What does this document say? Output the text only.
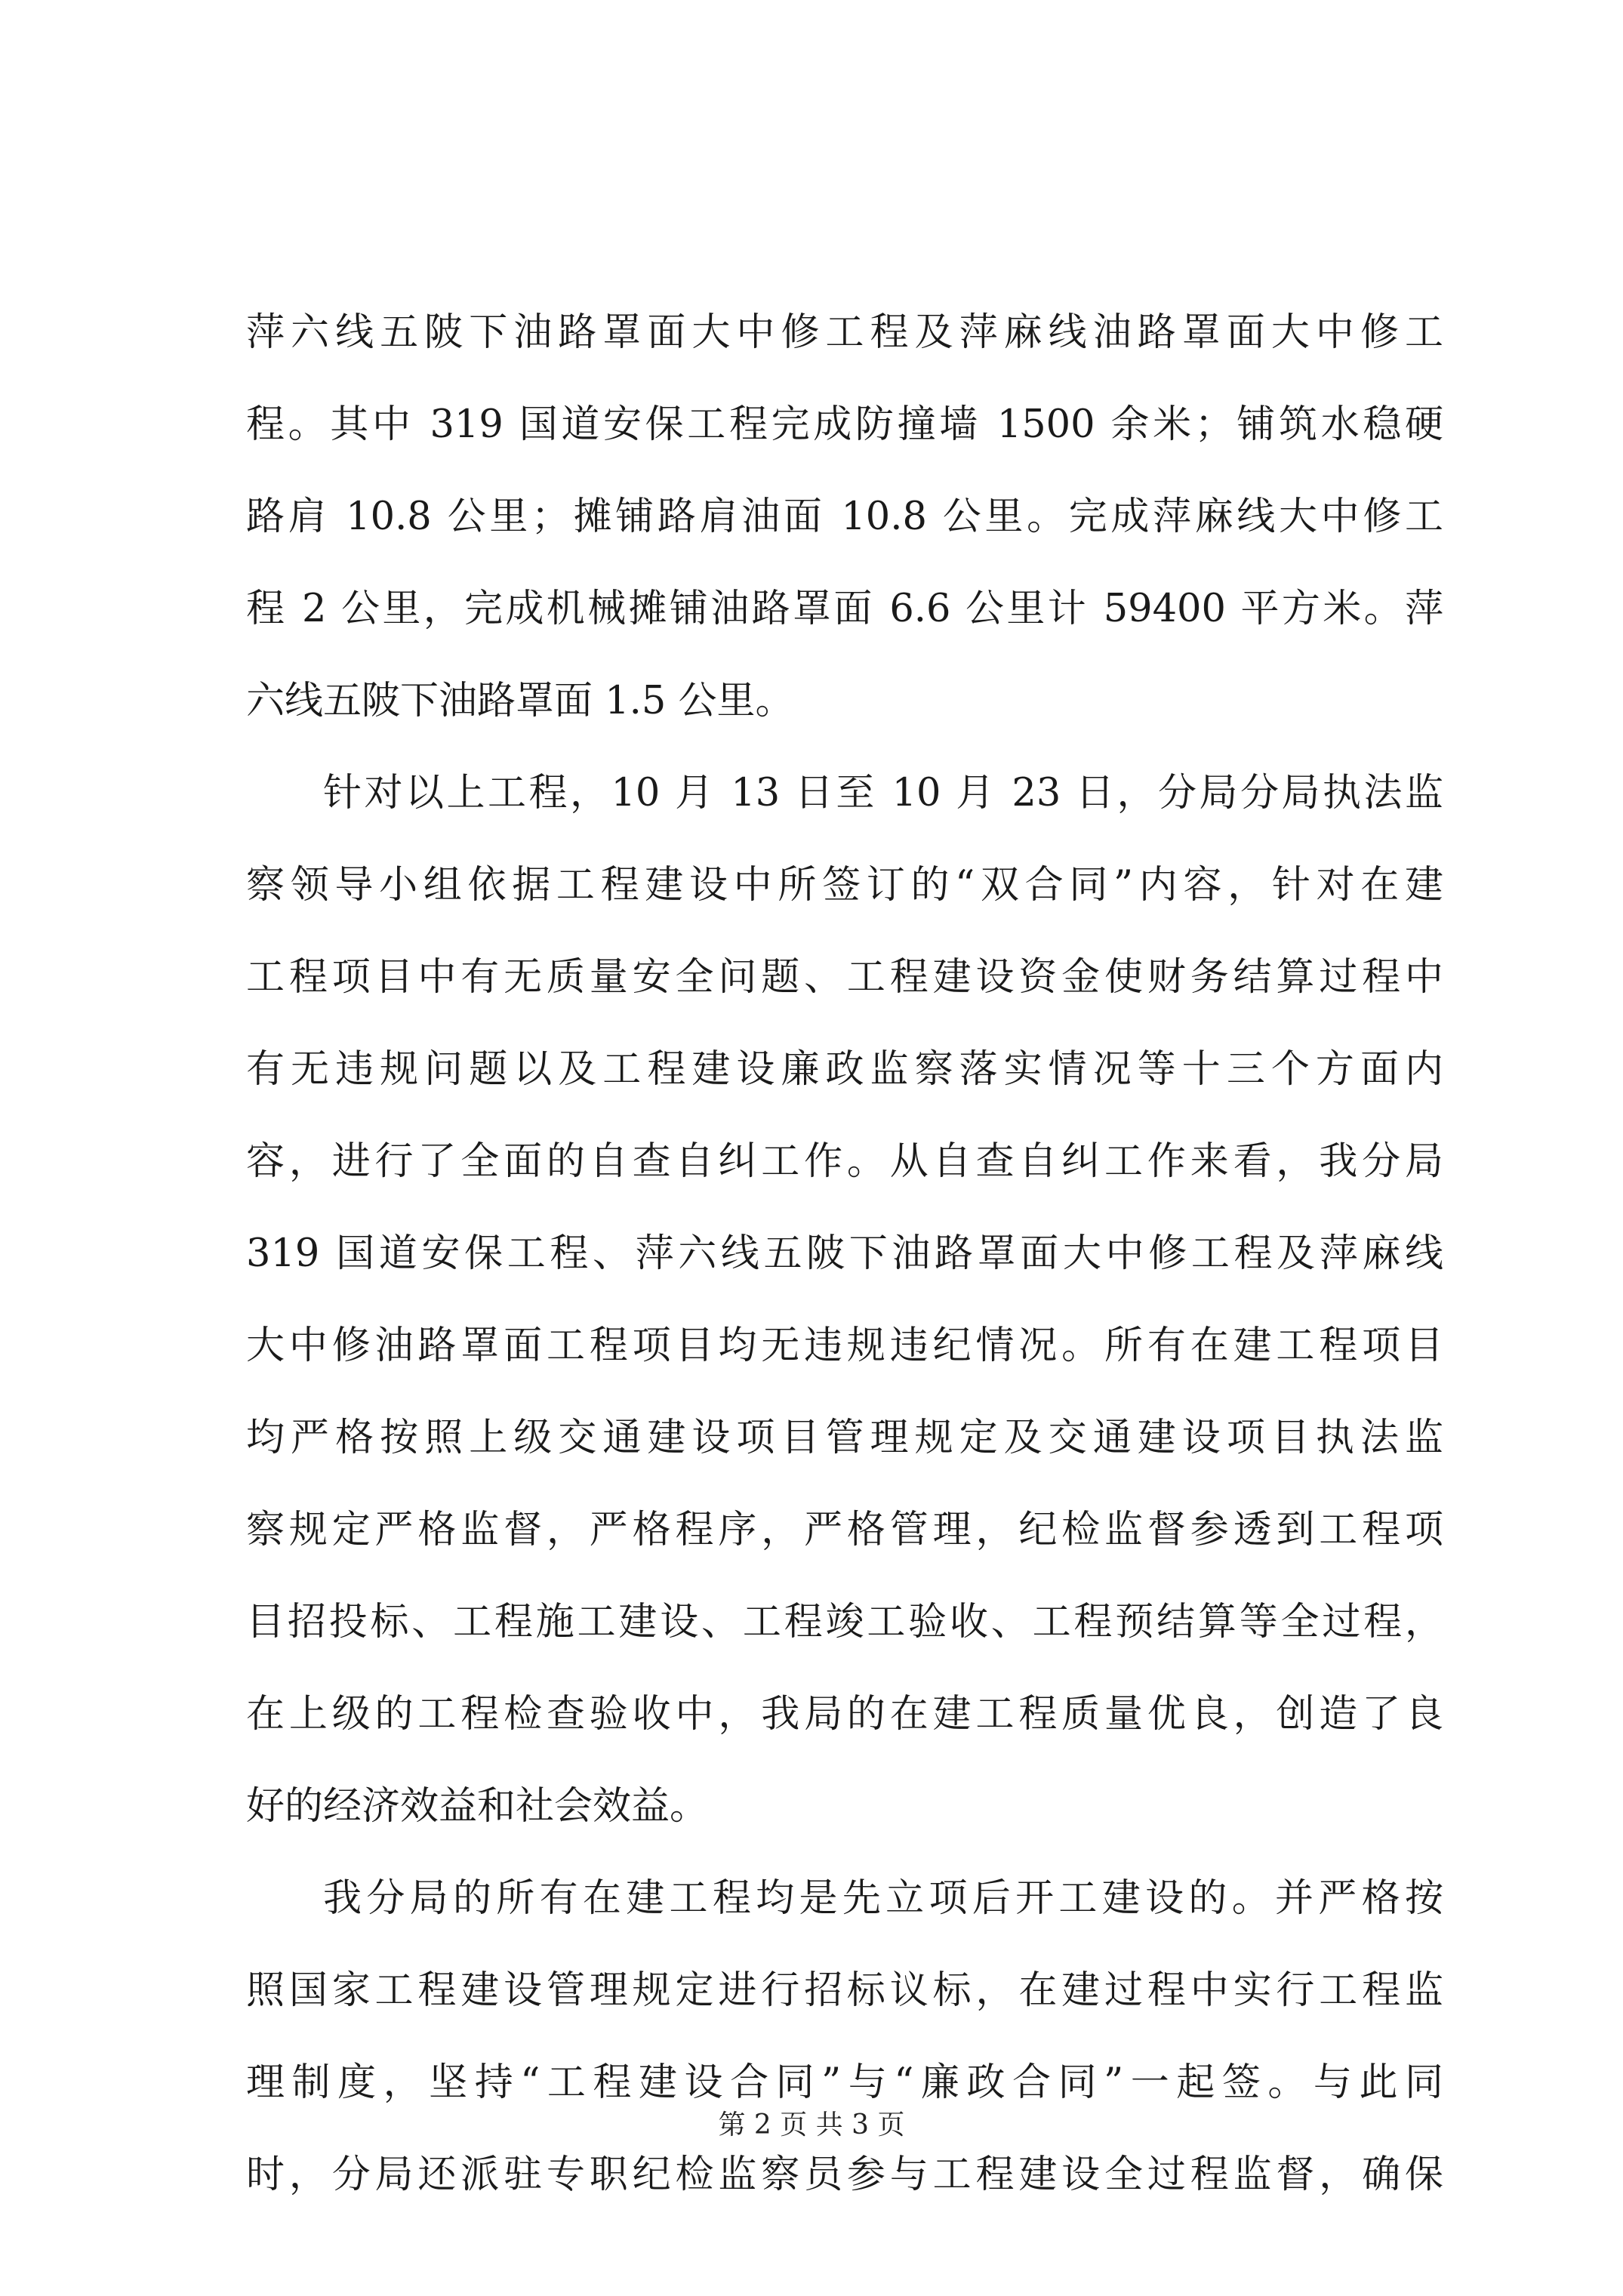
萍六线五陂下油路罩面大中修工程及萍麻线油路罩面大中修工
程。其中 319 国道安保工程完成防撞墙 1500 余米；铺筑水稳硬
路肩 10.8 公里；摊铺路肩油面 10.8 公里。完成萍麻线大中修工
程 2 公里，完成机械摊铺油路罩面 6.6 公里计 59400 平方米。萍
六线五陂下油路罩面 1.5 公里。
针对以上工程，10 月 13 日至 10 月 23 日，分局分局执法监
察领导小组依据工程建设中所签订的“双合同”内容，针对在建
工程项目中有无质量安全问题、工程建设资金使财务结算过程中
有无违规问题以及工程建设廉政监察落实情况等十三个方面内
容，进行了全面的自查自纠工作。从自查自纠工作来看，我分局
319 国道安保工程、萍六线五陂下油路罩面大中修工程及萍麻线
大中修油路罩面工程项目均无违规违纪情况。所有在建工程项目
均严格按照上级交通建设项目管理规定及交通建设项目执法监
察规定严格监督，严格程序，严格管理，纪检监督参透到工程项
目招投标、工程施工建设、工程竣工验收、工程预结算等全过程，
在上级的工程检查验收中，我局的在建工程质量优良，创造了良
好的经济效益和社会效益。
我分局的所有在建工程均是先立项后开工建设的。并严格按
照国家工程建设管理规定进行招标议标，在建过程中实行工程监
理制度，坚持“工程建设合同”与“廉政合同”一起签。与此同
时，分局还派驻专职纪检监察员参与工程建设全过程监督，确保
第 2 页 共 3 页
